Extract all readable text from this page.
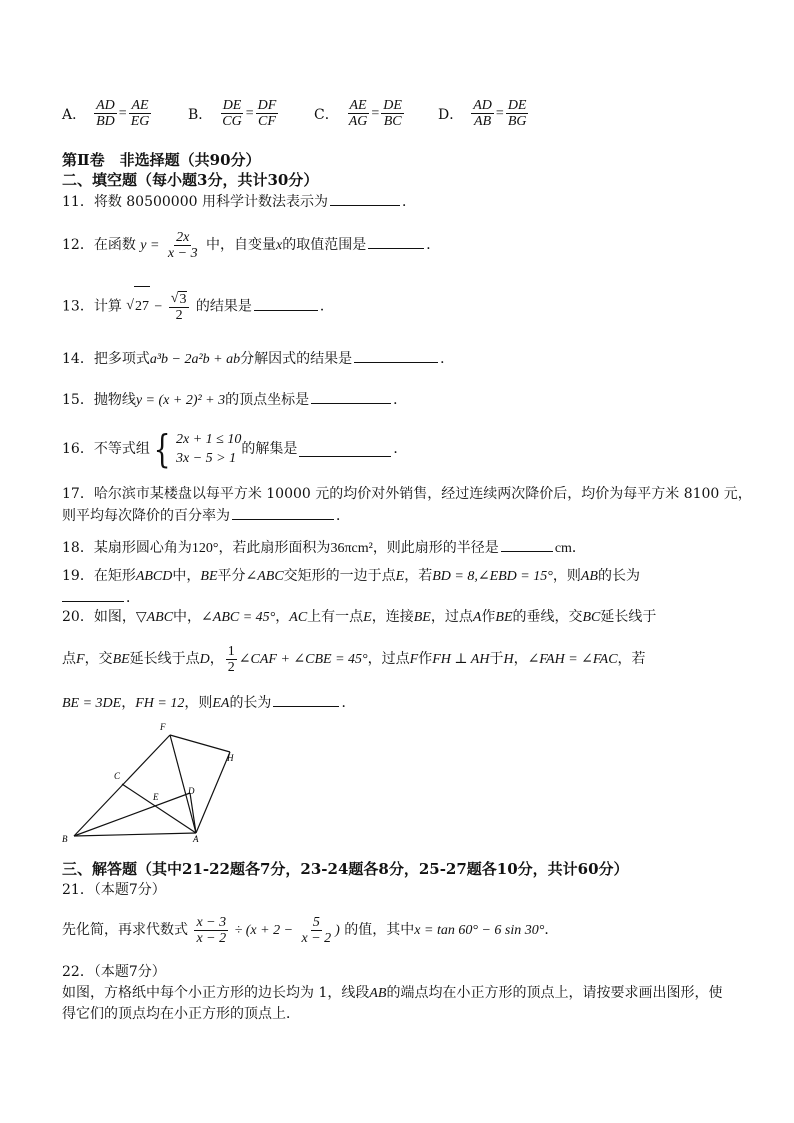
A． $\frac{AD}{BD} = \frac{AE}{EG}$	B． $\frac{DE}{CG} = \frac{DF}{CF}$	C． $\frac{AE}{AG} = \frac{DE}{BC}$ D． $\frac{AD}{AB} = \frac{DE}{BG}$
第Ⅱ卷　非选择题（共90分）
二、填空题（每小题3分，共计30分）
11．将数 80500000 用科学计数法表示为	．
12．在函数 $y = \frac{2x}{x - 3}$ 中，自变量x的取值范围是	．
13．计算 √ $27 - \frac{√ 3}{2}$ 的结果是	．
14．把多项式a³b − 2a²b + ab分解因式的结果是	．
15．抛物线y = (x + 2)² + 3的顶点坐标是	．
16．不等式组 { 2x + 1 ≤ 10
3x − 5 > 1
的解集是	．
17．哈尔滨市某楼盘以每平方米 10000 元的均价对外销售，经过连续两次降价后，均价为每平方米 8100 元，
则平均每次降价的百分率为	．
18．某扇形圆心角为120°，若此扇形面积为36πcm²，则此扇形的半径是	cm．
19．在矩形ABCD中，BE平分∠ABC交矩形的一边于点E，若BD = 8,∠EBD = 15°，则AB的长为
．
20．如图，▽ABC中，∠ABC = 45°，AC上有一点E，连接BE，过点A作BE的垂线，交BC延长线于
点F，交BE延长线于点D， $\frac{1}{2}$ ∠CAF + ∠CBE = 45°，过点F作FH ⊥ AH于H，∠FAH = ∠FAC，若
BE = 3DE，FH = 12，则EA的长为	．
F
H
C
E
D
B	A
三、解答题（其中21-22题各7分，23-24题各8分，25-27题各10分，共计60分）
21．（本题7分）
先化简，再求代数式 $\frac{x - 3}{x - 2} \div (x + 2 - \frac{5}{x - 2}$ ) 的值，其中x = tan 60° − 6 sin 30°．
22．（本题7分）
如图，方格纸中每个小正方形的边长均为 1，线段AB的端点均在小正方形的顶点上，请按要求画出图形，使
得它们的顶点均在小正方形的顶点上．
